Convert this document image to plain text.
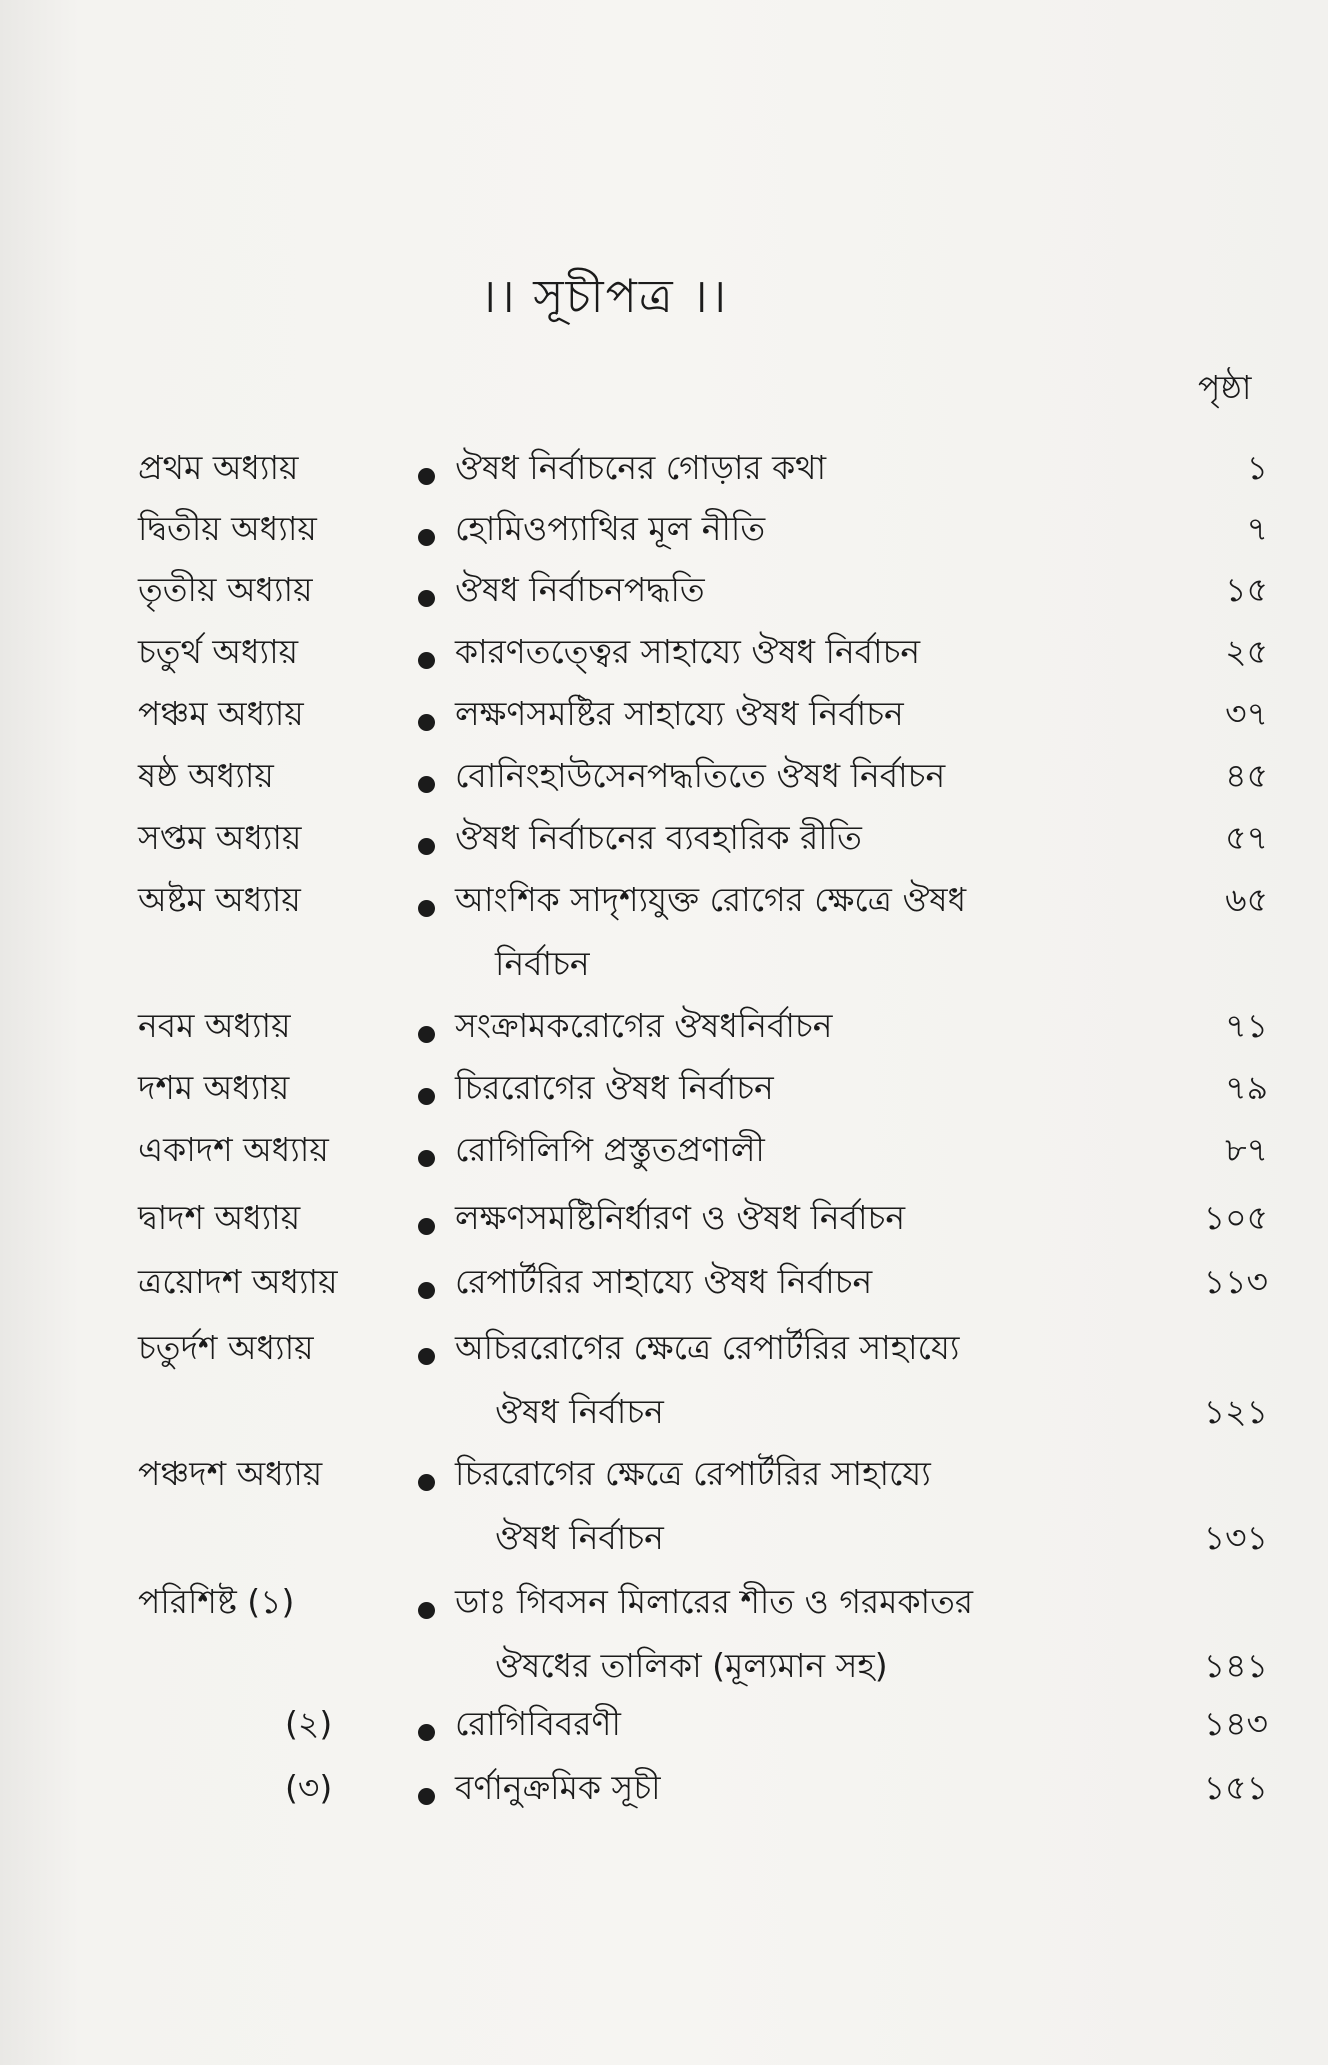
।। সূচীপত্র ।।
পৃষ্ঠা
প্রথম অধ্যায়	ঔষধ নির্বাচনের গোড়ার কথা	১
দ্বিতীয় অধ্যায়	হোমিওপ্যাথির মূল নীতি	৭
তৃতীয় অধ্যায়	ঔষধ নির্বাচনপদ্ধতি	১৫
চতুর্থ অধ্যায়	কারণতত্ত্বের সাহায্যে ঔষধ নির্বাচন	২৫
পঞ্চম অধ্যায়	লক্ষণসমষ্টির সাহায্যে ঔষধ নির্বাচন	৩৭
ষষ্ঠ অধ্যায়	বোনিংহাউসেনপদ্ধতিতে ঔষধ নির্বাচন	৪৫
সপ্তম অধ্যায়	ঔষধ নির্বাচনের ব্যবহারিক রীতি	৫৭
অষ্টম অধ্যায়	আংশিক সাদৃশ্যযুক্ত রোগের ক্ষেত্রে ঔষধ	৬৫
নির্বাচন
নবম অধ্যায়	সংক্রামকরোগের ঔষধনির্বাচন	৭১
দশম অধ্যায়	চিররোগের ঔষধ নির্বাচন	৭৯
একাদশ অধ্যায়	রোগিলিপি প্রস্তুতপ্রণালী	৮৭
দ্বাদশ অধ্যায়	লক্ষণসমষ্টিনির্ধারণ ও ঔষধ নির্বাচন	১০৫
ত্রয়োদশ অধ্যায়	রেপার্টরির সাহায্যে ঔষধ নির্বাচন	১১৩
চতুর্দশ অধ্যায়	অচিররোগের ক্ষেত্রে রেপার্টরির সাহায্যে
ঔষধ নির্বাচন	১২১
পঞ্চদশ অধ্যায়	চিররোগের ক্ষেত্রে রেপার্টরির সাহায্যে
ঔষধ নির্বাচন	১৩১
পরিশিষ্ট (১)	ডাঃ গিবসন মিলারের শীত ও গরমকাতর
ঔষধের তালিকা (মূল্যমান সহ)	১৪১
(২)	রোগিবিবরণী	১৪৩
(৩)	বর্ণানুক্রমিক সূচী	১৫১
